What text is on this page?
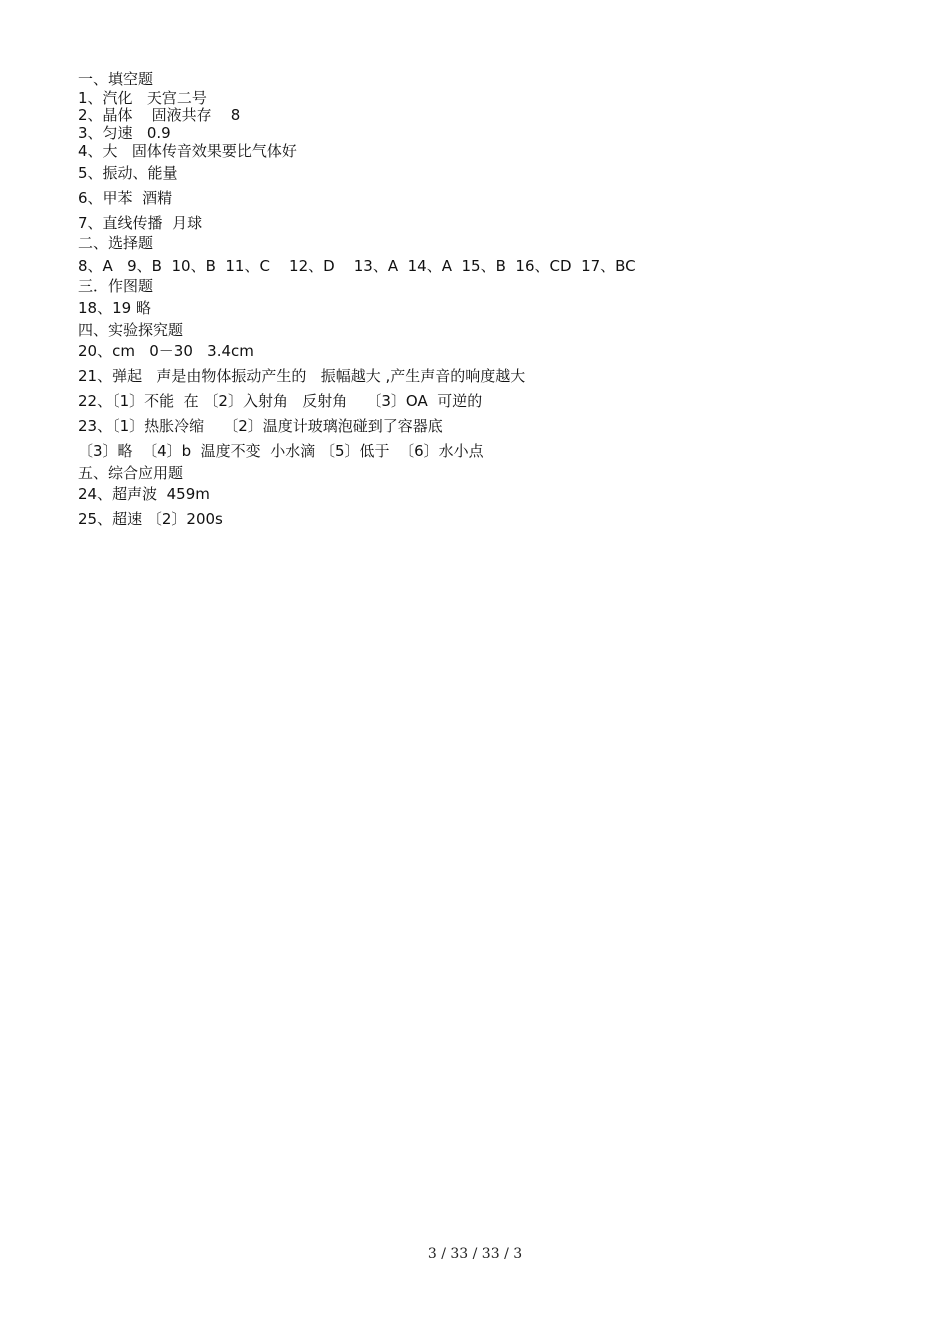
一、填空题

1、汽化   天宫二号

2、晶体    固液共存    8

3、匀速   0.9

4、大   固体传音效果要比气体好

5、振动、能量

6、甲苯  酒精

7、直线传播  月球

二、选择题

8、A   9、B  10、B  11、C    12、D    13、A  14、A  15、B  16、CD  17、BC

三．作图题

18、19 略

四、实验探究题

20、cm   0－30   3.4cm

21、弹起   声是由物体振动产生的   振幅越大 ,产生声音的响度越大

22、〔1〕不能  在 〔2〕入射角   反射角    〔3〕OA  可逆的

23、〔1〕热胀冷缩    〔2〕温度计玻璃泡碰到了容器底

〔3〕略  〔4〕b  温度不变  小水滴 〔5〕低于  〔6〕水小点

五、综合应用题

24、超声波  459m

25、超速 〔2〕200s

3 / 33 / 33 / 3
